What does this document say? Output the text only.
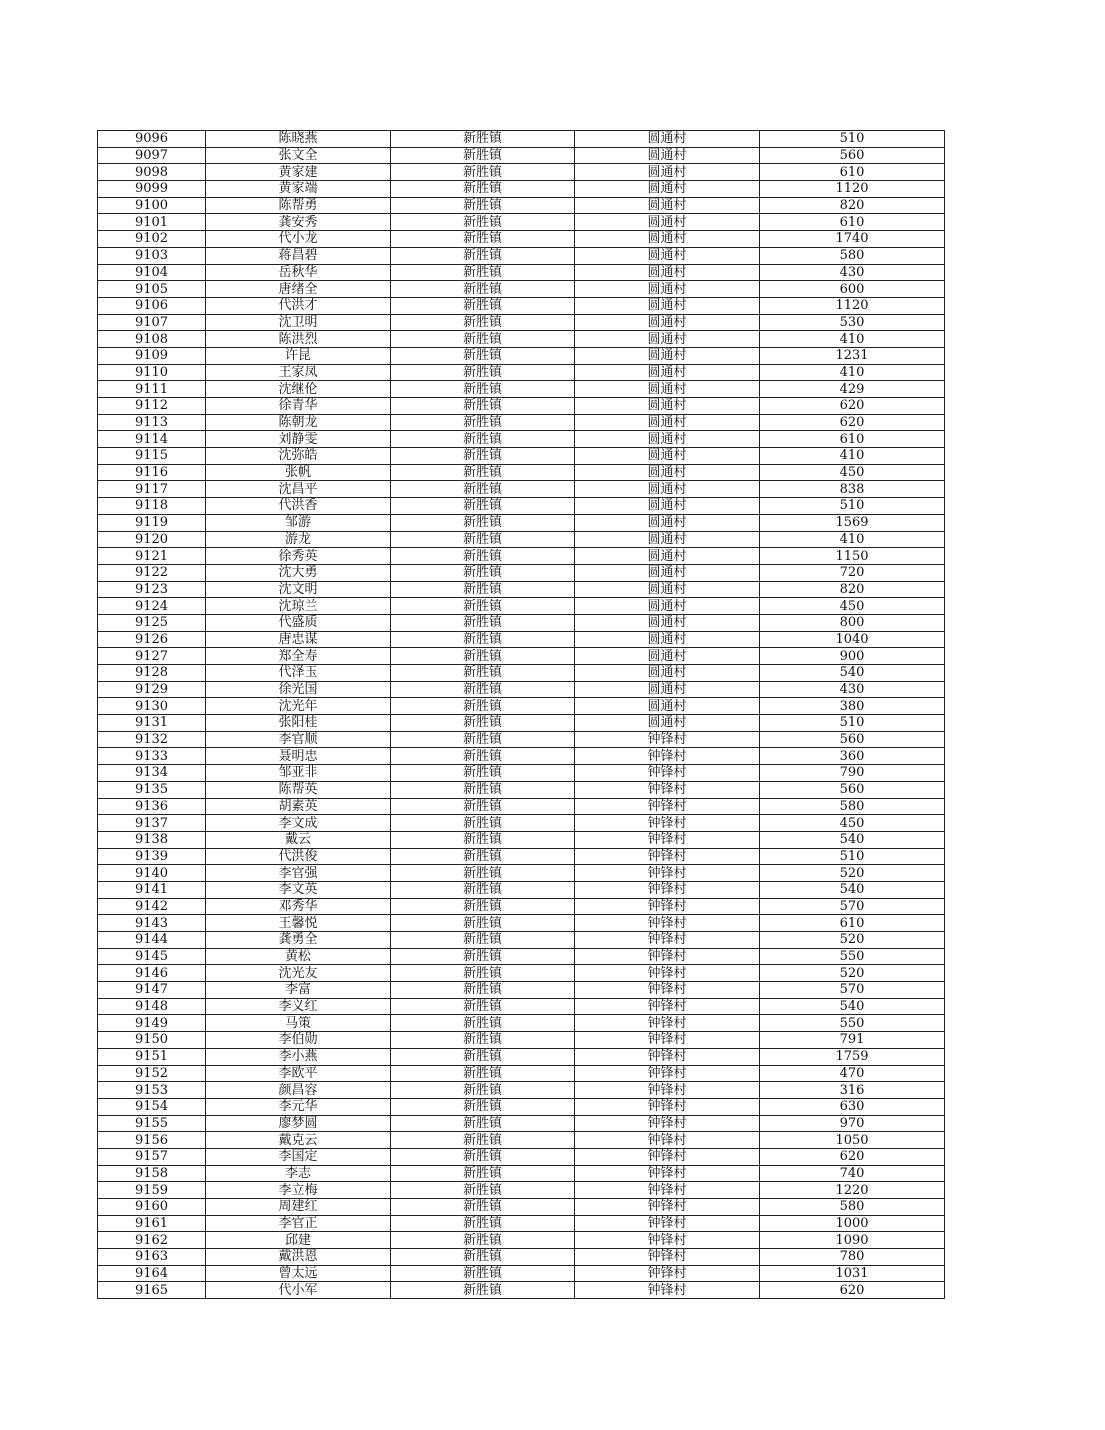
9096	陈晓燕	新胜镇	圆通村	510
9097	张文全	新胜镇	圆通村	560
9098	黄家建	新胜镇	圆通村	610
9099	黄家端	新胜镇	圆通村	1120
9100	陈帮勇	新胜镇	圆通村	820
9101	龚安秀	新胜镇	圆通村	610
9102	代小龙	新胜镇	圆通村	1740
9103	蒋昌碧	新胜镇	圆通村	580
9104	岳秋华	新胜镇	圆通村	430
9105	唐绪全	新胜镇	圆通村	600
9106	代洪才	新胜镇	圆通村	1120
9107	沈卫明	新胜镇	圆通村	530
9108	陈洪烈	新胜镇	圆通村	410
9109	许昆	新胜镇	圆通村	1231
9110	王家凤	新胜镇	圆通村	410
9111	沈继伦	新胜镇	圆通村	429
9112	徐青华	新胜镇	圆通村	620
9113	陈朝龙	新胜镇	圆通村	620
9114	刘静雯	新胜镇	圆通村	610
9115	沈弥皓	新胜镇	圆通村	410
9116	张帆	新胜镇	圆通村	450
9117	沈昌平	新胜镇	圆通村	838
9118	代洪香	新胜镇	圆通村	510
9119	邹游	新胜镇	圆通村	1569
9120	游龙	新胜镇	圆通村	410
9121	徐秀英	新胜镇	圆通村	1150
9122	沈大勇	新胜镇	圆通村	720
9123	沈文明	新胜镇	圆通村	820
9124	沈琼兰	新胜镇	圆通村	450
9125	代盛质	新胜镇	圆通村	800
9126	唐忠谋	新胜镇	圆通村	1040
9127	郑全寿	新胜镇	圆通村	900
9128	代泽玉	新胜镇	圆通村	540
9129	徐光国	新胜镇	圆通村	430
9130	沈光年	新胜镇	圆通村	380
9131	张阳桂	新胜镇	圆通村	510
9132	李官顺	新胜镇	钟锋村	560
9133	聂明忠	新胜镇	钟锋村	360
9134	邹亚非	新胜镇	钟锋村	790
9135	陈帮英	新胜镇	钟锋村	560
9136	胡素英	新胜镇	钟锋村	580
9137	李文成	新胜镇	钟锋村	450
9138	戴云	新胜镇	钟锋村	540
9139	代洪俊	新胜镇	钟锋村	510
9140	李官强	新胜镇	钟锋村	520
9141	李文英	新胜镇	钟锋村	540
9142	邓秀华	新胜镇	钟锋村	570
9143	王馨悦	新胜镇	钟锋村	610
9144	龚勇全	新胜镇	钟锋村	520
9145	黄松	新胜镇	钟锋村	550
9146	沈光友	新胜镇	钟锋村	520
9147	李富	新胜镇	钟锋村	570
9148	李义红	新胜镇	钟锋村	540
9149	马策	新胜镇	钟锋村	550
9150	李伯勋	新胜镇	钟锋村	791
9151	李小燕	新胜镇	钟锋村	1759
9152	李欧平	新胜镇	钟锋村	470
9153	颜昌容	新胜镇	钟锋村	316
9154	李元华	新胜镇	钟锋村	630
9155	廖梦圆	新胜镇	钟锋村	970
9156	戴克云	新胜镇	钟锋村	1050
9157	李国定	新胜镇	钟锋村	620
9158	李志	新胜镇	钟锋村	740
9159	李立梅	新胜镇	钟锋村	1220
9160	周建红	新胜镇	钟锋村	580
9161	李官正	新胜镇	钟锋村	1000
9162	邱建	新胜镇	钟锋村	1090
9163	戴洪恩	新胜镇	钟锋村	780
9164	曾太远	新胜镇	钟锋村	1031
9165	代小军	新胜镇	钟锋村	620
